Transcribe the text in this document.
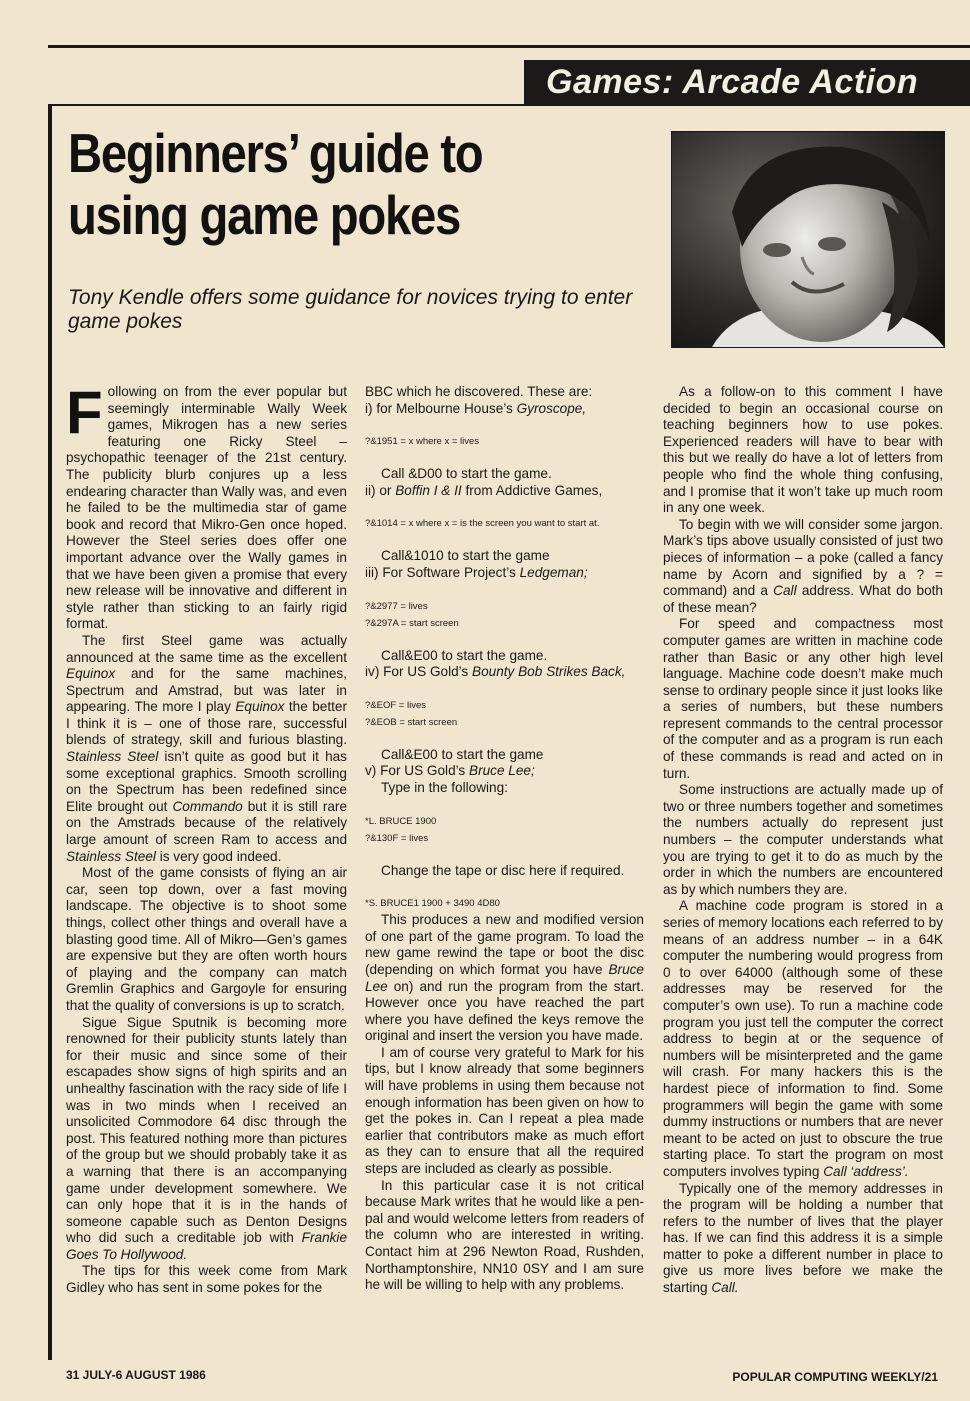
Games: Arcade Action
Beginners’ guide to using game pokes
Tony Kendle offers some guidance for novices trying to enter game pokes

Following on from the ever popular but seemingly interminable Wally Week games, Mikrogen has a new series featuring one Ricky Steel – psychopathic teenager of the 21st century. The publicity blurb conjures up a less endearing character than Wally was, and even he failed to be the multimedia star of game book and record that Mikro-Gen once hoped. However the Steel series does offer one important advance over the Wally games in that we have been given a promise that every new release will be innovative and different in style rather than sticking to an fairly rigid format.

The first Steel game was actually announced at the same time as the excellent Equinox and for the same machines, Spectrum and Amstrad, but was later in appearing. The more I play Equinox the better I think it is – one of those rare, successful blends of strategy, skill and furious blasting. Stainless Steel isn’t quite as good but it has some exceptional graphics. Smooth scrolling on the Spectrum has been redefined since Elite brought out Commando but it is still rare on the Amstrads because of the relatively large amount of screen Ram to access and Stainless Steel is very good indeed.

Most of the game consists of flying an air car, seen top down, over a fast moving landscape. The objective is to shoot some things, collect other things and overall have a blasting good time. All of Mikro—Gen’s games are expensive but they are often worth hours of playing and the company can match Gremlin Graphics and Gargoyle for ensuring that the quality of conversions is up to scratch.

Sigue Sigue Sputnik is becoming more renowned for their publicity stunts lately than for their music and since some of their escapades show signs of high spirits and an unhealthy fascination with the racy side of life I was in two minds when I received an unsolicited Commodore 64 disc through the post. This featured nothing more than pictures of the group but we should probably take it as a warning that there is an accompanying game under development somewhere. We can only hope that it is in the hands of someone capable such as Denton Designs who did such a creditable job with Frankie Goes To Hollywood.

The tips for this week come from Mark Gidley who has sent in some pokes for the

BBC which he discovered. These are:

i) for Melbourne House’s Gyroscope,

?&1951 = x where x = lives

Call &D00 to start the game.

ii) or Boffin I & II from Addictive Games,

?&1014 = x where x = is the screen you want to start at.

Call&1010 to start the game

iii) For Software Project’s Ledgeman;

?&2977 = lives

?&297A = start screen

Call&E00 to start the game.

iv) For US Gold’s Bounty Bob Strikes Back,

?&EOF = lives

?&EOB = start screen

Call&E00 to start the game

v) For US Gold’s Bruce Lee;

Type in the following:

*L. BRUCE 1900

?&130F = lives

Change the tape or disc here if required.

*S. BRUCE1 1900 + 3490 4D80

This produces a new and modified version of one part of the game program. To load the new game rewind the tape or boot the disc (depending on which format you have Bruce Lee on) and run the program from the start. However once you have reached the part where you have defined the keys remove the original and insert the version you have made.

I am of course very grateful to Mark for his tips, but I know already that some beginners will have problems in using them because not enough information has been given on how to get the pokes in. Can I repeat a plea made earlier that contributors make as much effort as they can to ensure that all the required steps are included as clearly as possible.

In this particular case it is not critical because Mark writes that he would like a pen-pal and would welcome letters from readers of the column who are interested in writing. Contact him at 296 Newton Road, Rushden, Northamptonshire, NN10 0SY and I am sure he will be willing to help with any problems.

As a follow-on to this comment I have decided to begin an occasional course on teaching beginners how to use pokes. Experienced readers will have to bear with this but we really do have a lot of letters from people who find the whole thing confusing, and I promise that it won’t take up much room in any one week.

To begin with we will consider some jargon. Mark’s tips above usually consisted of just two pieces of information – a poke (called a fancy name by Acorn and signified by a ? = command) and a Call address. What do both of these mean?

For speed and compactness most computer games are written in machine code rather than Basic or any other high level language. Machine code doesn’t make much sense to ordinary people since it just looks like a series of numbers, but these numbers represent commands to the central processor of the computer and as a program is run each of these commands is read and acted on in turn.

Some instructions are actually made up of two or three numbers together and sometimes the numbers actually do represent just numbers – the computer understands what you are trying to get it to do as much by the order in which the numbers are encountered as by which numbers they are.

A machine code program is stored in a series of memory locations each referred to by means of an address number – in a 64K computer the numbering would progress from 0 to over 64000 (although some of these addresses may be reserved for the computer’s own use). To run a machine code program you just tell the computer the correct address to begin at or the sequence of numbers will be misinterpreted and the game will crash. For many hackers this is the hardest piece of information to find. Some programmers will begin the game with some dummy instructions or numbers that are never meant to be acted on just to obscure the true starting place. To start the program on most computers involves typing Call ‘address’.

Typically one of the memory addresses in the program will be holding a number that refers to the number of lives that the player has. If we can find this address it is a simple matter to poke a different number in place to give us more lives before we make the starting Call.

31 JULY-6 AUGUST 1986	POPULAR COMPUTING WEEKLY/21
